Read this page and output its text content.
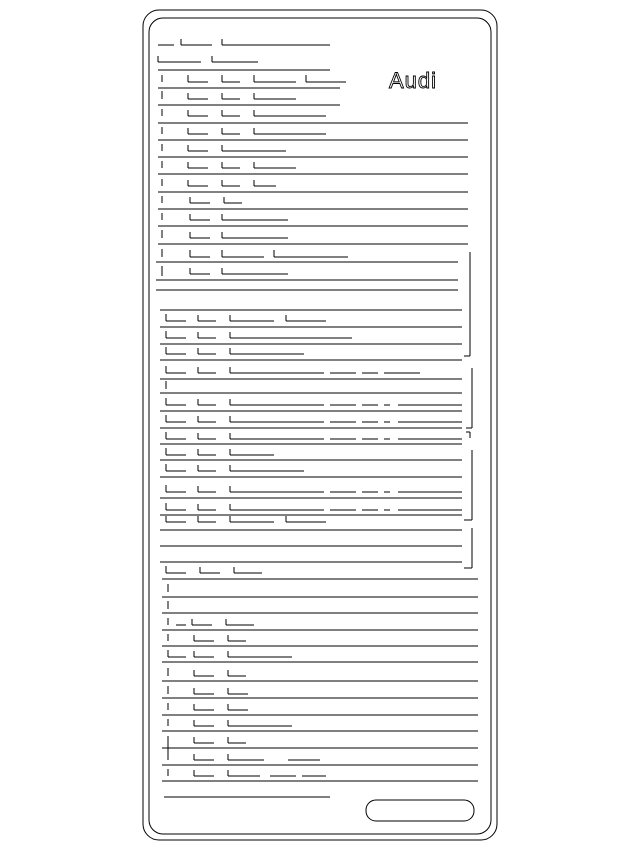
Audi
